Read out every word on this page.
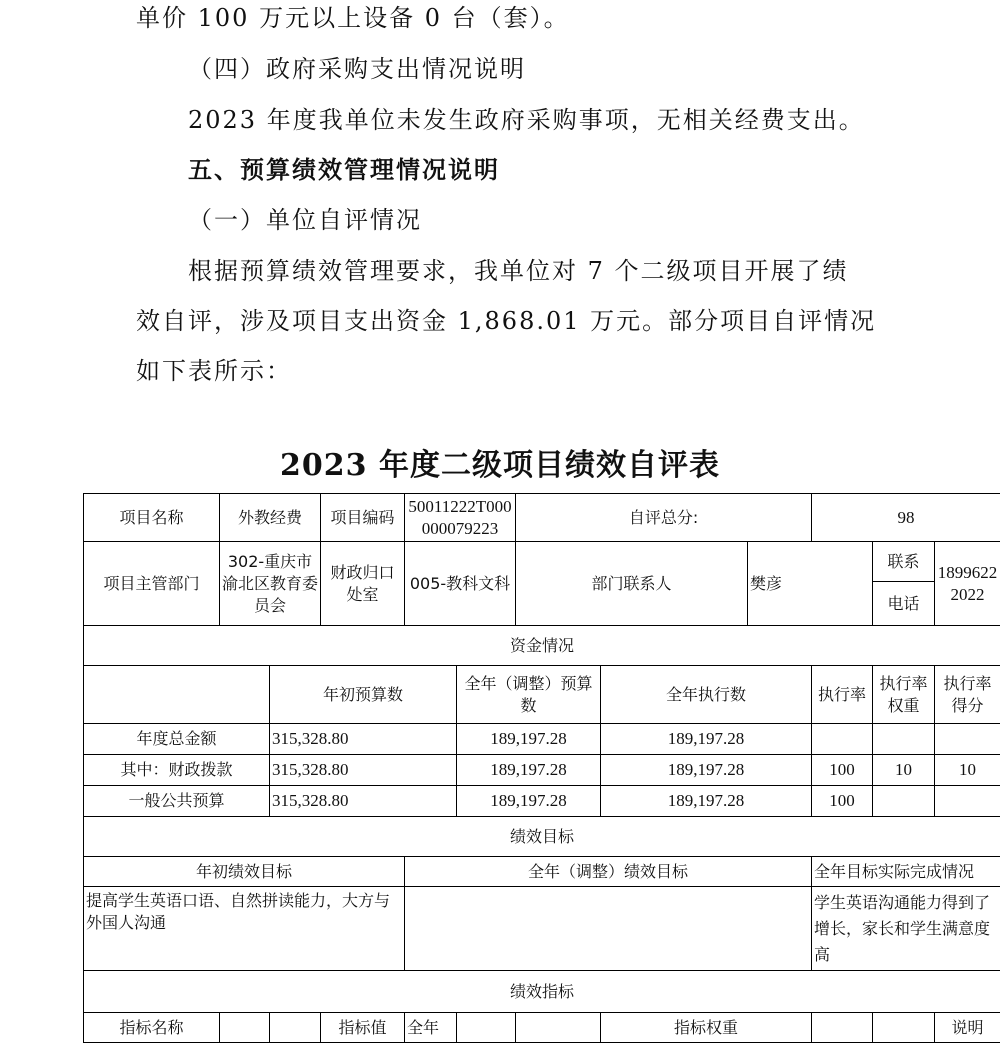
单价 100 万元以上设备 0 台（套）。
（四）政府采购支出情况说明
2023 年度我单位未发生政府采购事项，无相关经费支出。
五、预算绩效管理情况说明
（一）单位自评情况
根据预算绩效管理要求，我单位对 7 个二级项目开展了绩
效自评，涉及项目支出资金 1,868.01 万元。部分项目自评情况
如下表所示：
2023 年度二级项目绩效自评表
项目名称	外教经费		项目编码	50011222T000000079223		自评总分:			98		
项目主管部门	302-重庆市渝北区教育委员会		财政归口处室	005-教科文科		部门联系人		樊彦		联系	18996222022
										电话	
资金情况											
		年初预算数			全年（调整）预算数		全年执行数		执行率	执行率权重	执行率得分
年度总金额		315,328.80			189,197.28		189,197.28				
其中：财政拨款		315,328.80			189,197.28		189,197.28		100	10	10
一般公共预算		315,328.80			189,197.28		189,197.28		100		
绩效目标											
年初绩效目标				全年（调整）绩效目标					全年目标实际完成情况		
提高学生英语口语、自然拼读能力，大方与外国人沟通									学生英语沟通能力得到了增长，家长和学生满意度高		
绩效指标											
指标名称			指标值	全年			指标权重				说明
